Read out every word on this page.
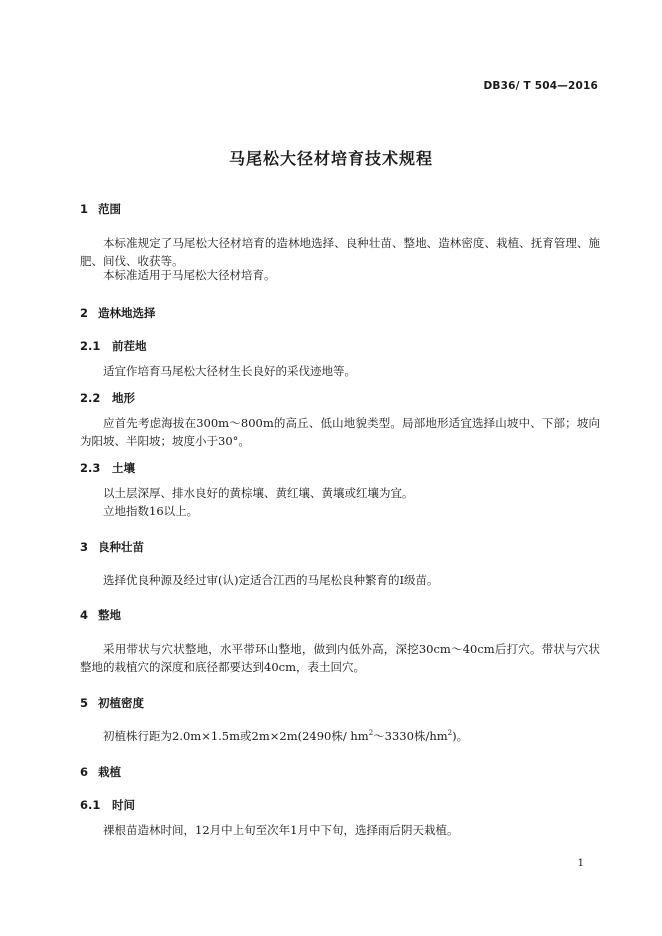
DB36/ T 504—2016
马尾松大径材培育技术规程
1 范围
本标准规定了马尾松大径材培育的造林地选择、良种壮苗、整地、造林密度、栽植、抚育管理、施肥、间伐、收获等。
本标准适用于马尾松大径材培育。
2 造林地选择
2.1 前茬地
适宜作培育马尾松大径材生长良好的采伐迹地等。
2.2 地形
应首先考虑海拔在300m～800m的高丘、低山地貌类型。局部地形适宜选择山坡中、下部；坡向为阳坡、半阳坡；坡度小于30°。
2.3 土壤
以土层深厚、排水良好的黄棕壤、黄红壤、黄壤或红壤为宜。
立地指数16以上。
3 良种壮苗
选择优良种源及经过审(认)定适合江西的马尾松良种繁育的Ⅰ级苗。
4 整地
采用带状与穴状整地，水平带环山整地，做到内低外高，深挖30cm～40cm后打穴。带状与穴状整地的栽植穴的深度和底径都要达到40cm，表土回穴。
5 初植密度
初植株行距为2.0m×1.5m或2m×2m(2490株/ $hm^2\sim 3330$株$/hm^2$)。
6 栽植
6.1 时间
裸根苗造林时间，12月中上旬至次年1月中下旬，选择雨后阴天栽植。
1
